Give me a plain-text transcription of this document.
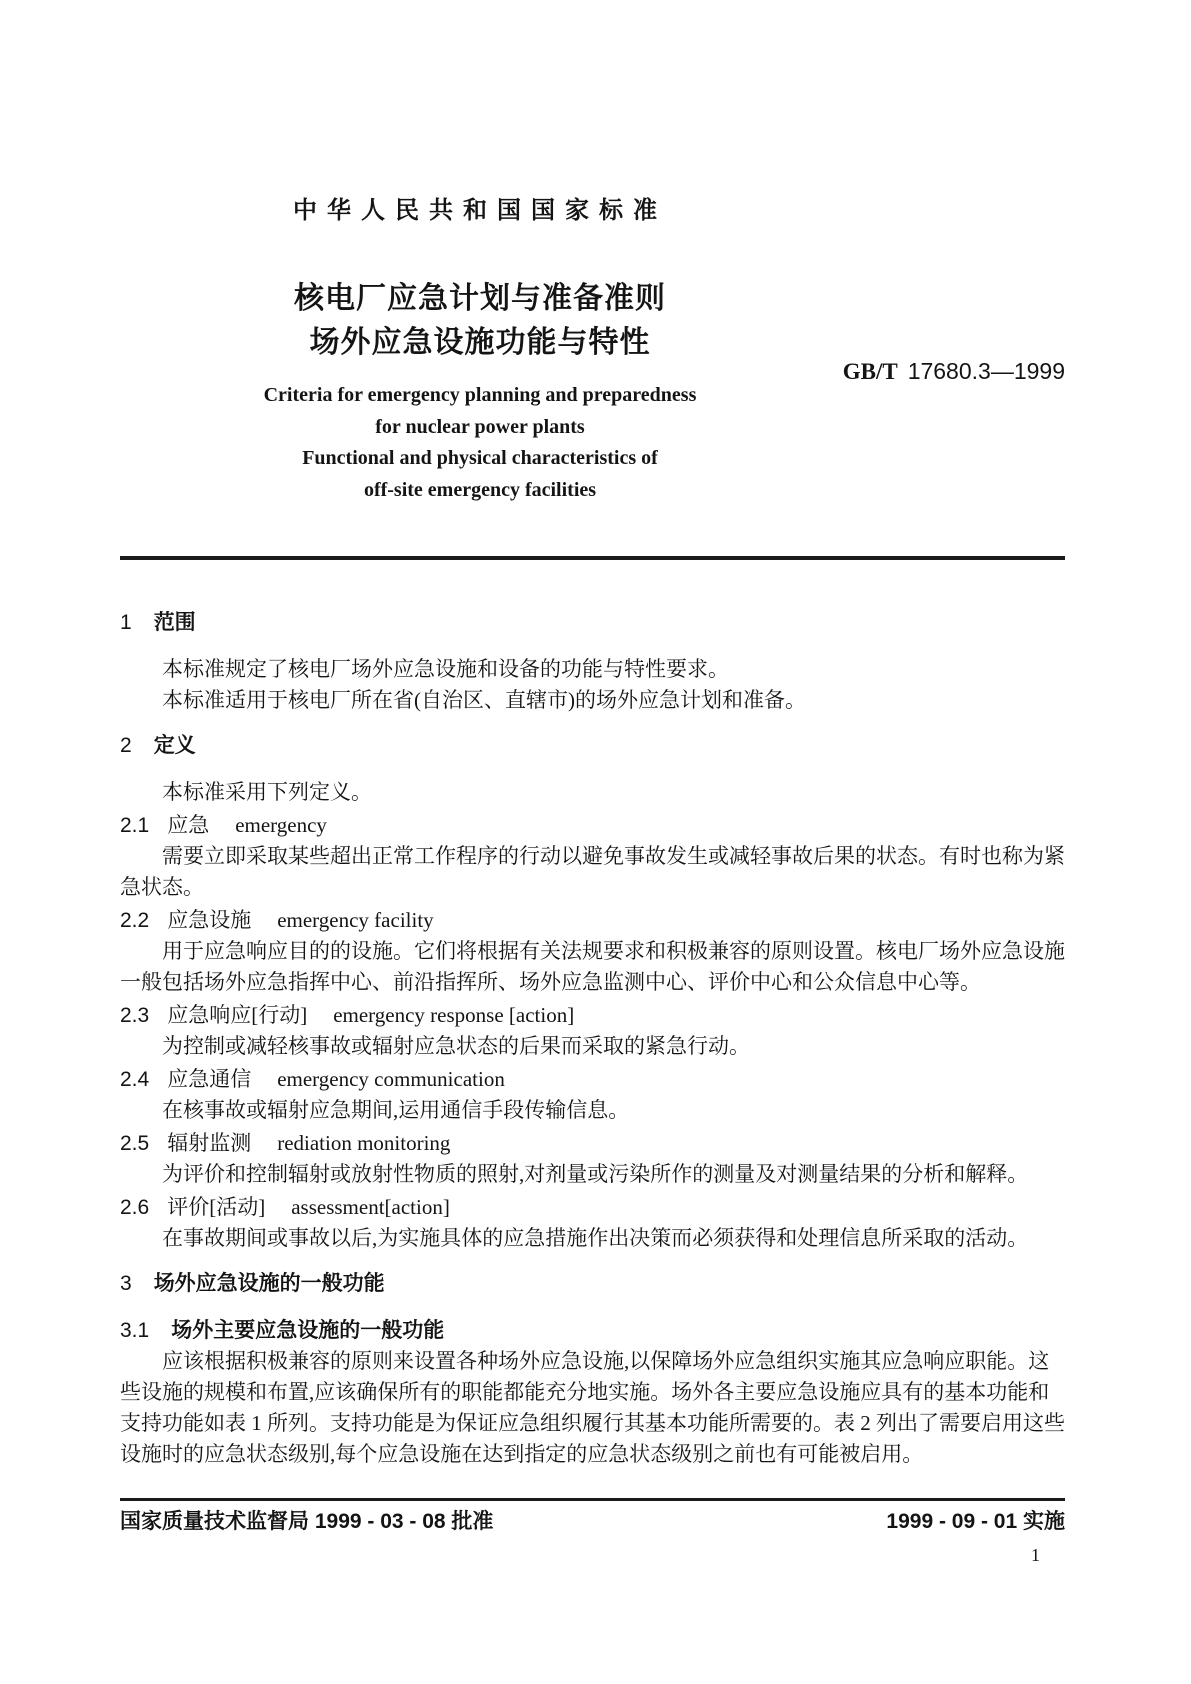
中华人民共和国国家标准
核电厂应急计划与准备准则
场外应急设施功能与特性
Criteria for emergency planning and preparedness
for nuclear power plants
Functional and physical characteristics of
off-site emergency facilities
GB/T 17680.3—1999
1 范围

本标准规定了核电厂场外应急设施和设备的功能与特性要求。

本标准适用于核电厂所在省(自治区、直辖市)的场外应急计划和准备。

2 定义

本标准采用下列定义。

2.1 应急 emergency

需要立即采取某些超出正常工作程序的行动以避免事故发生或减轻事故后果的状态。有时也称为紧急状态。

2.2 应急设施 emergency facility

用于应急响应目的的设施。它们将根据有关法规要求和积极兼容的原则设置。核电厂场外应急设施一般包括场外应急指挥中心、前沿指挥所、场外应急监测中心、评价中心和公众信息中心等。

2.3 应急响应[行动] emergency response [action]

为控制或减轻核事故或辐射应急状态的后果而采取的紧急行动。

2.4 应急通信 emergency communication

在核事故或辐射应急期间,运用通信手段传输信息。

2.5 辐射监测 rediation monitoring

为评价和控制辐射或放射性物质的照射,对剂量或污染所作的测量及对测量结果的分析和解释。

2.6 评价[活动] assessment[action]

在事故期间或事故以后,为实施具体的应急措施作出决策而必须获得和处理信息所采取的活动。

3 场外应急设施的一般功能
3.1 场外主要应急设施的一般功能

应该根据积极兼容的原则来设置各种场外应急设施,以保障场外应急组织实施其应急响应职能。这些设施的规模和布置,应该确保所有的职能都能充分地实施。场外各主要应急设施应具有的基本功能和支持功能如表 1 所列。支持功能是为保证应急组织履行其基本功能所需要的。表 2 列出了需要启用这些设施时的应急状态级别,每个应急设施在达到指定的应急状态级别之前也有可能被启用。

国家质量技术监督局 1999 - 03 - 08 批准	1999 - 09 - 01 实施
1
